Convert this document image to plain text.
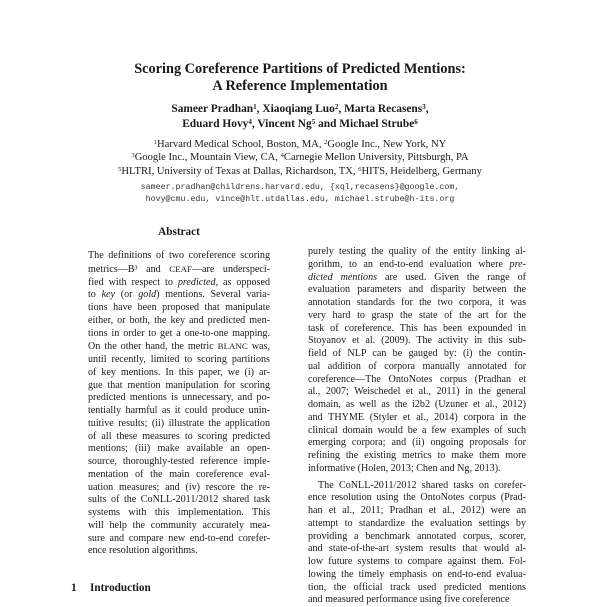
Scoring Coreference Partitions of Predicted Mentions:
A Reference Implementation
Sameer Pradhan$^1$, Xiaoqiang Luo$^2$, Marta Recasens$^3$,
Eduard Hovy$^4$, Vincent Ng$^5$ and Michael Strube$^6$
$^1$Harvard Medical School, Boston, MA, $^2$Google Inc., New York, NY
$^3$Google Inc., Mountain View, CA, $^4$Carnegie Mellon University, Pittsburgh, PA
$^5$HLTRI, University of Texas at Dallas, Richardson, TX, $^6$HITS, Heidelberg, Germany
sameer.pradhan@childrens.harvard.edu, {xql,recasens}@google.com,
hovy@cmu.edu, vince@hlt.utdallas.edu, michael.strube@h-its.org
Abstract
The definitions of two coreference scoring
metrics—B³ and CEAF—are underspeci-
fied with respect to predicted, as opposed
to key (or gold) mentions. Several varia-
tions have been proposed that manipulate
either, or both, the key and predicted men-
tions in order to get a one-to-one mapping.
On the other hand, the metric BLANC was,
until recently, limited to scoring partitions
of key mentions. In this paper, we (i) ar-
gue that mention manipulation for scoring
predicted mentions is unnecessary, and po-
tentially harmful as it could produce unin-
tuitive results; (ii) illustrate the application
of all these measures to scoring predicted
mentions; (iii) make available an open-
source, thoroughly-tested reference imple-
mentation of the main coreference eval-
uation measures; and (iv) rescore the re-
sults of the CoNLL-2011/2012 shared task
systems with this implementation. This
will help the community accurately mea-
sure and compare new end-to-end corefer-
ence resolution algorithms.

purely testing the quality of the entity linking al-
gorithm, to an end-to-end evaluation where pre-
dicted mentions are used. Given the range of
evaluation parameters and disparity between the
annotation standards for the two corpora, it was
very hard to grasp the state of the art for the
task of coreference. This has been expounded in
Stoyanov et al. (2009). The activity in this sub-
field of NLP can be gauged by: (i) the contin-
ual addition of corpora manually annotated for
coreference—The OntoNotes corpus (Pradhan et
al., 2007; Weischedel et al., 2011) in the general
domain, as well as the i2b2 (Uzuner et al., 2012)
and THYME (Styler et al., 2014) corpora in the
clinical domain would be a few examples of such
emerging corpora; and (ii) ongoing proposals for
refining the existing metrics to make them more
informative (Holen, 2013; Chen and Ng, 2013).

The CoNLL-2011/2012 shared tasks on corefer-
ence resolution using the OntoNotes corpus (Prad-
han et al., 2011; Pradhan et al., 2012) were an
attempt to standardize the evaluation settings by
providing a benchmark annotated corpus, scorer,
and state-of-the-art system results that would al-
low future systems to compare against them. Fol-
lowing the timely emphasis on end-to-end evalua-
tion, the official track used predicted mentions
and measured performance using five coreference

1 Introduction
